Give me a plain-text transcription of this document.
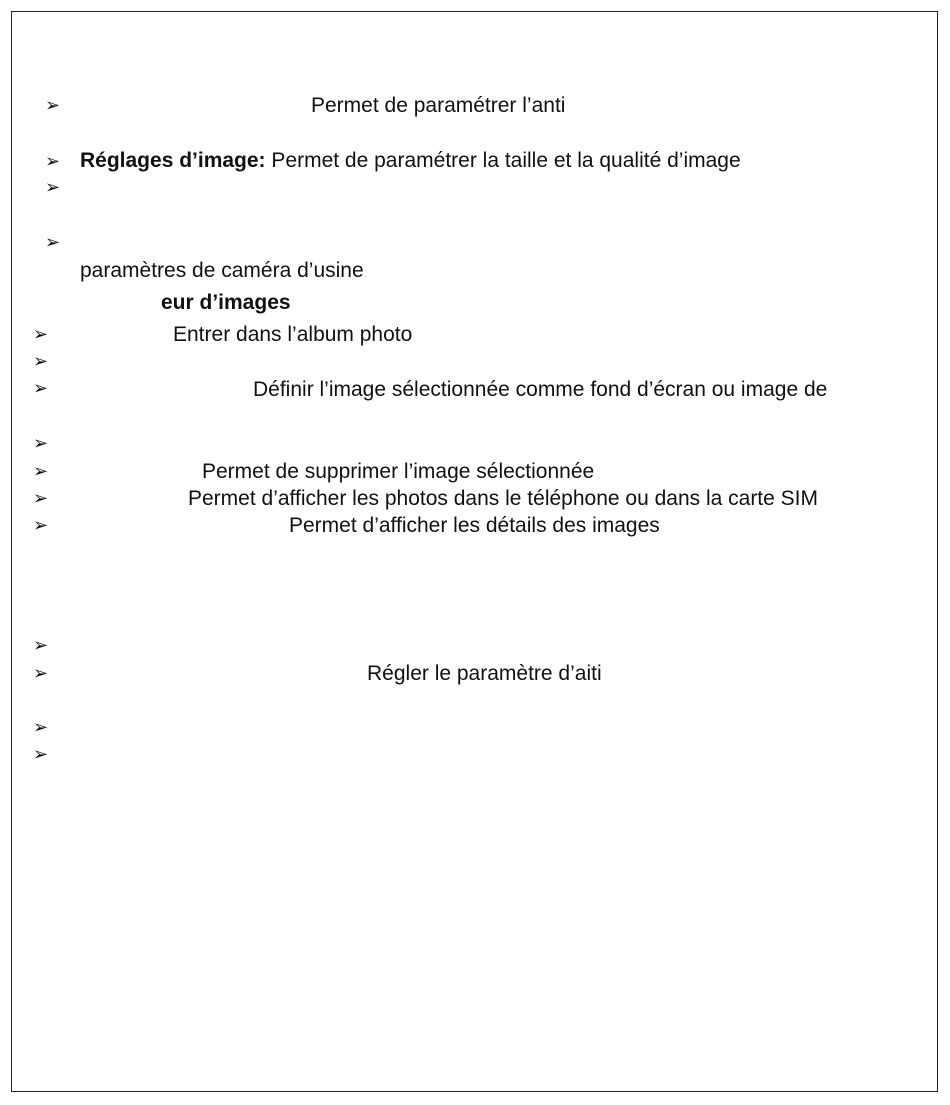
➢
➢
➢
➢
➢
➢
➢
➢
➢
➢
➢
➢
➢
➢
➢
Permet de paramétrer l’anti
Réglages d’image: Permet de paramétrer la taille et la qualité d’image
paramètres de caméra d’usine
eur d’images
Entrer dans l’album photo
Définir l’image sélectionnée comme fond d’écran ou image de
Permet de supprimer l’image sélectionnée
Permet d’afficher les photos dans le téléphone ou dans la carte SIM
Permet d’afficher les détails des images
Régler le paramètre d’aiti
